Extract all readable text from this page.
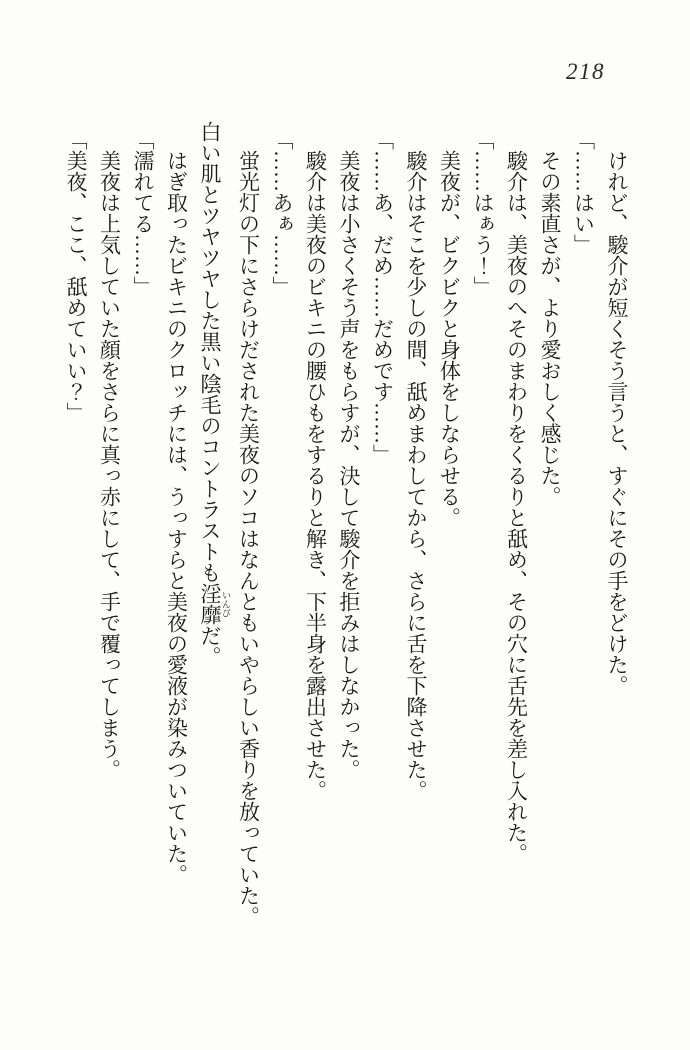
218

けれど、駿介が短くそう言うと、すぐにその手をどけた。

「……はい」

その素直さが、より愛おしく感じた。

駿介は、美夜のへそのまわりをくるりと舐め、その穴に舌先を差し入れた。

「……はぁう！」

美夜が、ビクビクと身体をしならせる。

駿介はそこを少しの間、舐めまわしてから、さらに舌を下降させた。

「……あ、だめ……だめです……」

美夜は小さくそう声をもらすが、決して駿介を拒みはしなかった。

駿介は美夜のビキニの腰ひもをするりと解き、下半身を露出させた。

「……あぁ……」

蛍光灯の下にさらけだされた美夜のソコはなんともいやらしい香りを放っていた。

白い肌とツヤツヤした黒い陰毛のコントラストも淫靡 いんびだ。

はぎ取ったビキニのクロッチには、うっすらと美夜の愛液が染みついていた。

「濡れてる……」

美夜は上気していた顔をさらに真っ赤にして、手で覆ってしまう。

「美夜、ここ、舐めていい？」
